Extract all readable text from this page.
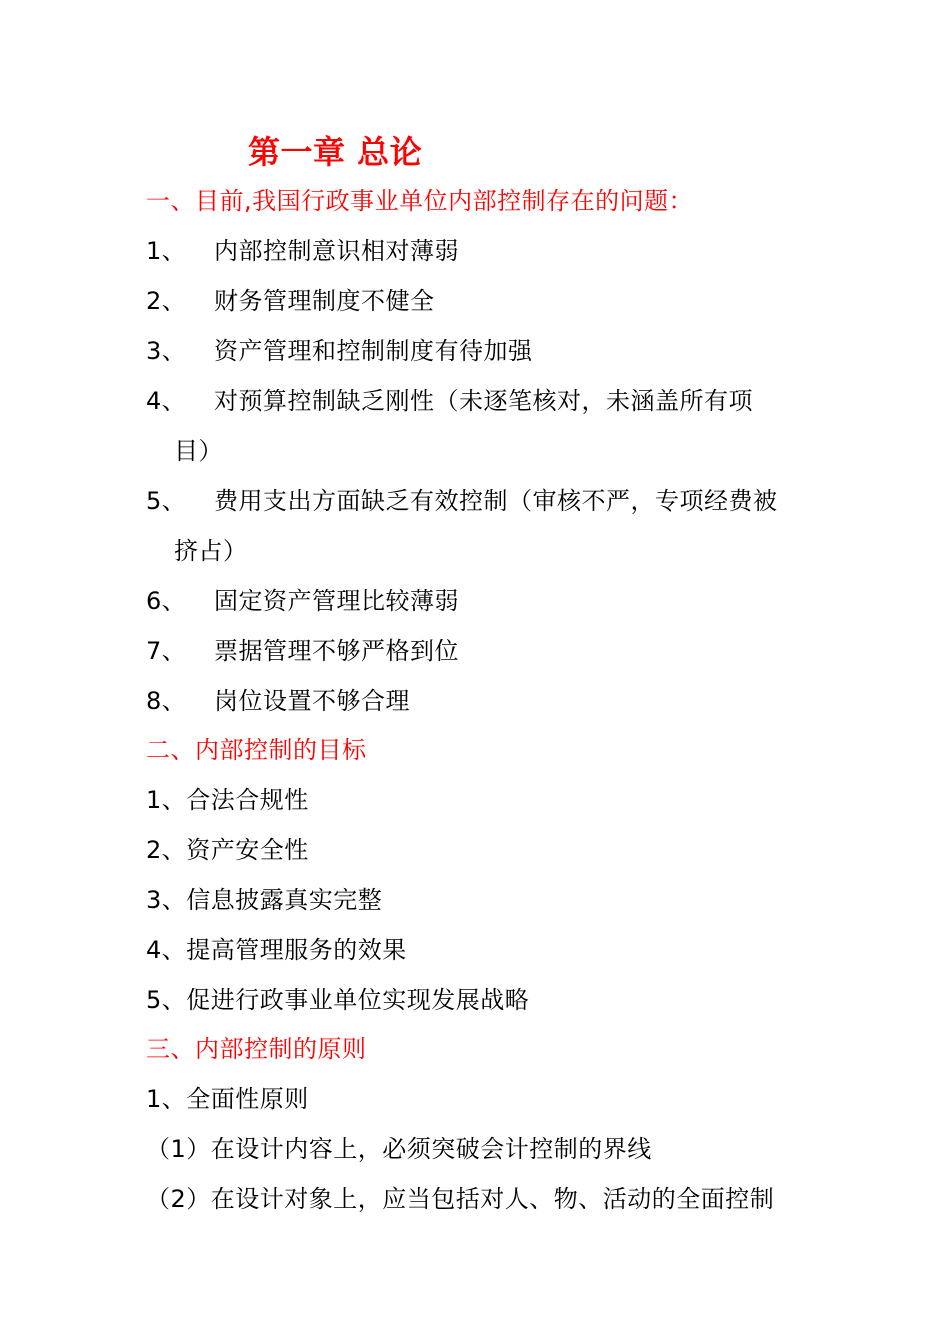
第一章 总论
一、目前,我国行政事业单位内部控制存在的问题：
1、 内部控制意识相对薄弱
2、 财务管理制度不健全
3、 资产管理和控制制度有待加强
4、 对预算控制缺乏刚性（未逐笔核对，未涵盖所有项
目）
5、 费用支出方面缺乏有效控制（审核不严，专项经费被
挤占）
6、 固定资产管理比较薄弱
7、 票据管理不够严格到位
8、 岗位设置不够合理
二、内部控制的目标
1、合法合规性
2、资产安全性
3、信息披露真实完整
4、提高管理服务的效果
5、促进行政事业单位实现发展战略
三、内部控制的原则
1、全面性原则
（1）在设计内容上，必须突破会计控制的界线
（2）在设计对象上，应当包括对人、物、活动的全面控制
